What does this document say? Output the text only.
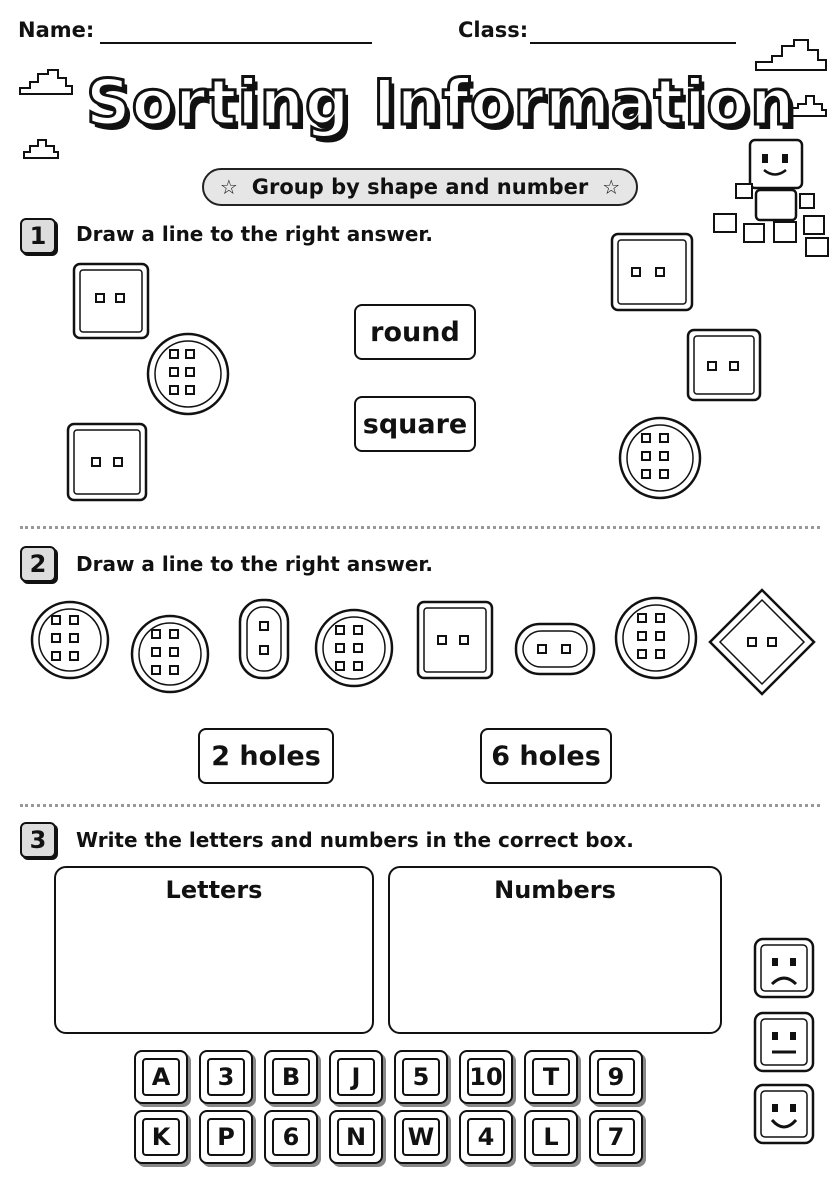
Name:	Class:
Sorting Information
☆ Group by shape and number ☆
1	Draw a line to the right answer.
round
square
2	Draw a line to the right answer.
2 holes	6 holes
3	Write the letters and numbers in the correct box.
Letters	Numbers
A	3	B	J	5	10	T	9
K	P	6	N	W	4	L	7
